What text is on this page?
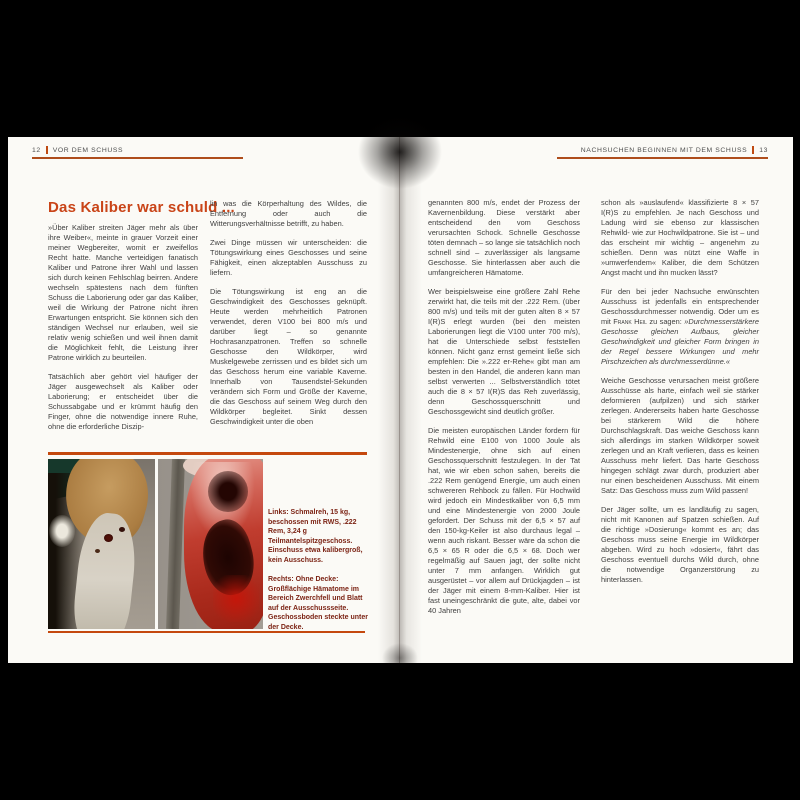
12 VOR DEM SCHUSS	NACHSUCHEN BEGINNEN MIT DEM SCHUSS 13
Das Kaliber war schuld ...

»Über Kaliber streiten Jäger mehr als über ihre Weiber«, meinte in grauer Vorzeit einer meiner Wegbereiter, womit er zweifellos Recht hatte. Manche verteidigen fanatisch Kaliber und Patrone ihrer Wahl und lassen sich durch keinen Fehlschlag beirren. Andere wechseln spätestens nach dem fünften Schuss die Laborierung oder gar das Kaliber, weil die Wirkung der Patrone nicht ihren Erwartungen entspricht. Sie können sich den ständigen Wechsel nur erlauben, weil sie relativ wenig schießen und weil ihnen damit die Möglichkeit fehlt, die Leistung ihrer Patrone wirklich zu beurteilen.

Tatsächlich aber gehört viel häufiger der Jäger ausgewechselt als Kaliber oder Laborierung; er entscheidet über die Schussabgabe und er krümmt häufig den Finger, ohne die notwendige innere Ruhe, ohne die erforderliche Diszip-

lin was die Körperhaltung des Wildes, die Entfernung oder auch die Witterungsverhältnisse betrifft, zu haben.

Zwei Dinge müssen wir unterscheiden: die Tötungswirkung eines Geschosses und seine Fähigkeit, einen akzeptablen Ausschuss zu liefern.

Die Tötungswirkung ist eng an die Geschwindigkeit des Geschosses geknüpft. Heute werden mehrheitlich Patronen verwendet, deren V100 bei 800 m/s und darüber liegt – so genannte Hochrasanzpatronen. Treffen so schnelle Geschosse den Wildkörper, wird Muskelgewebe zerrissen und es bildet sich um das Geschoss herum eine variable Kaverne. Innerhalb von Tausendstel-Sekunden verändern sich Form und Größe der Kaverne, die das Geschoss auf seinem Weg durch den Wildkörper begleitet. Sinkt dessen Geschwindigkeit unter die oben

Links: Schmalreh, 15 kg, beschossen mit RWS, .222 Rem, 3,24 g Teilmantelspitzgeschoss. Einschuss etwa kalibergroß, kein Ausschuss.

Rechts: Ohne Decke: Großflächige Hämatome im Bereich Zwerchfell und Blatt auf der Ausschussseite. Geschossboden steckte unter der Decke.

genannten 800 m/s, endet der Prozess der Kavernenbildung. Diese verstärkt aber entscheidend den vom Geschoss verursachten Schock. Schnelle Geschosse töten demnach – so lange sie tatsächlich noch schnell sind – zuverlässiger als langsame Geschosse. Sie hinterlassen aber auch die umfangreicheren Hämatome.

Wer beispielsweise eine größere Zahl Rehe zerwirkt hat, die teils mit der .222 Rem. (über 800 m/s) und teils mit der guten alten 8 × 57 I(R)S erlegt wurden (bei den meisten Laborierungen liegt die V100 unter 700 m/s), hat die Unterschiede selbst feststellen können. Nicht ganz ernst gemeint ließe sich empfehlen: Die ».222 er-Rehe« gibt man am besten in den Handel, die anderen kann man selbst verwerten ... Selbstverständlich tötet auch die 8 × 57 I(R)S das Reh zuverlässig, denn Geschossquerschnitt und Geschossgewicht sind deutlich größer.

Die meisten europäischen Länder fordern für Rehwild eine E100 von 1000 Joule als Mindestenergie, ohne sich auf einen Geschossquerschnitt festzulegen. In der Tat hat, wie wir eben schon sahen, bereits die .222 Rem genügend Energie, um auch einen schwereren Rehbock zu fällen. Für Hochwild wird jedoch ein Mindestkaliber von 6,5 mm und eine Mindestenergie von 2000 Joule gefordert. Der Schuss mit der 6,5 × 57 auf den 150-kg-Keiler ist also durchaus legal – wenn auch riskant. Besser wäre da schon die 6,5 × 65 R oder die 6,5 × 68. Doch wer regelmäßig auf Sauen jagt, der sollte nicht unter 7 mm anfangen. Wirklich gut ausgerüstet – vor allem auf Drückjagden – ist der Jäger mit einem 8-mm-Kaliber. Hier ist fast uneingeschränkt die gute, alte, dabei vor 40 Jahren

schon als »auslaufend« klassifizierte 8 × 57 I(R)S zu empfehlen. Je nach Geschoss und Ladung wird sie ebenso zur klassischen Rehwild- wie zur Hochwildpatrone. Sie ist – und das erscheint mir wichtig – angenehm zu schießen. Denn was nützt eine Waffe in »umwerfendem« Kaliber, die dem Schützen Angst macht und ihn mucken lässt?

Für den bei jeder Nachsuche erwünschten Ausschuss ist jedenfalls ein entsprechender Geschossdurchmesser notwendig. Oder um es mit Frank Heil zu sagen: »Durchmesserstärkere Geschosse gleichen Aufbaus, gleicher Geschwindigkeit und gleicher Form bringen in der Regel bessere Wirkungen und mehr Pirschzeichen als durchmesserdünne.«

Weiche Geschosse verursachen meist größere Ausschüsse als harte, einfach weil sie stärker deformieren (aufpilzen) und sich stärker zerlegen. Andererseits haben harte Geschosse bei stärkerem Wild die höhere Durchschlagskraft. Das weiche Geschoss kann sich allerdings im starken Wildkörper soweit zerlegen und an Kraft verlieren, dass es keinen Ausschuss mehr liefert. Das harte Geschoss hingegen schlägt zwar durch, produziert aber nur einen bescheidenen Ausschuss. Mit einem Satz: Das Geschoss muss zum Wild passen!

Der Jäger sollte, um es landläufig zu sagen, nicht mit Kanonen auf Spatzen schießen. Auf die richtige »Dosierung« kommt es an; das Geschoss muss seine Energie im Wildkörper abgeben. Wird zu hoch »dosiert«, fährt das Geschoss eventuell durchs Wild durch, ohne die notwendige Organzerstörung zu hinterlassen.
